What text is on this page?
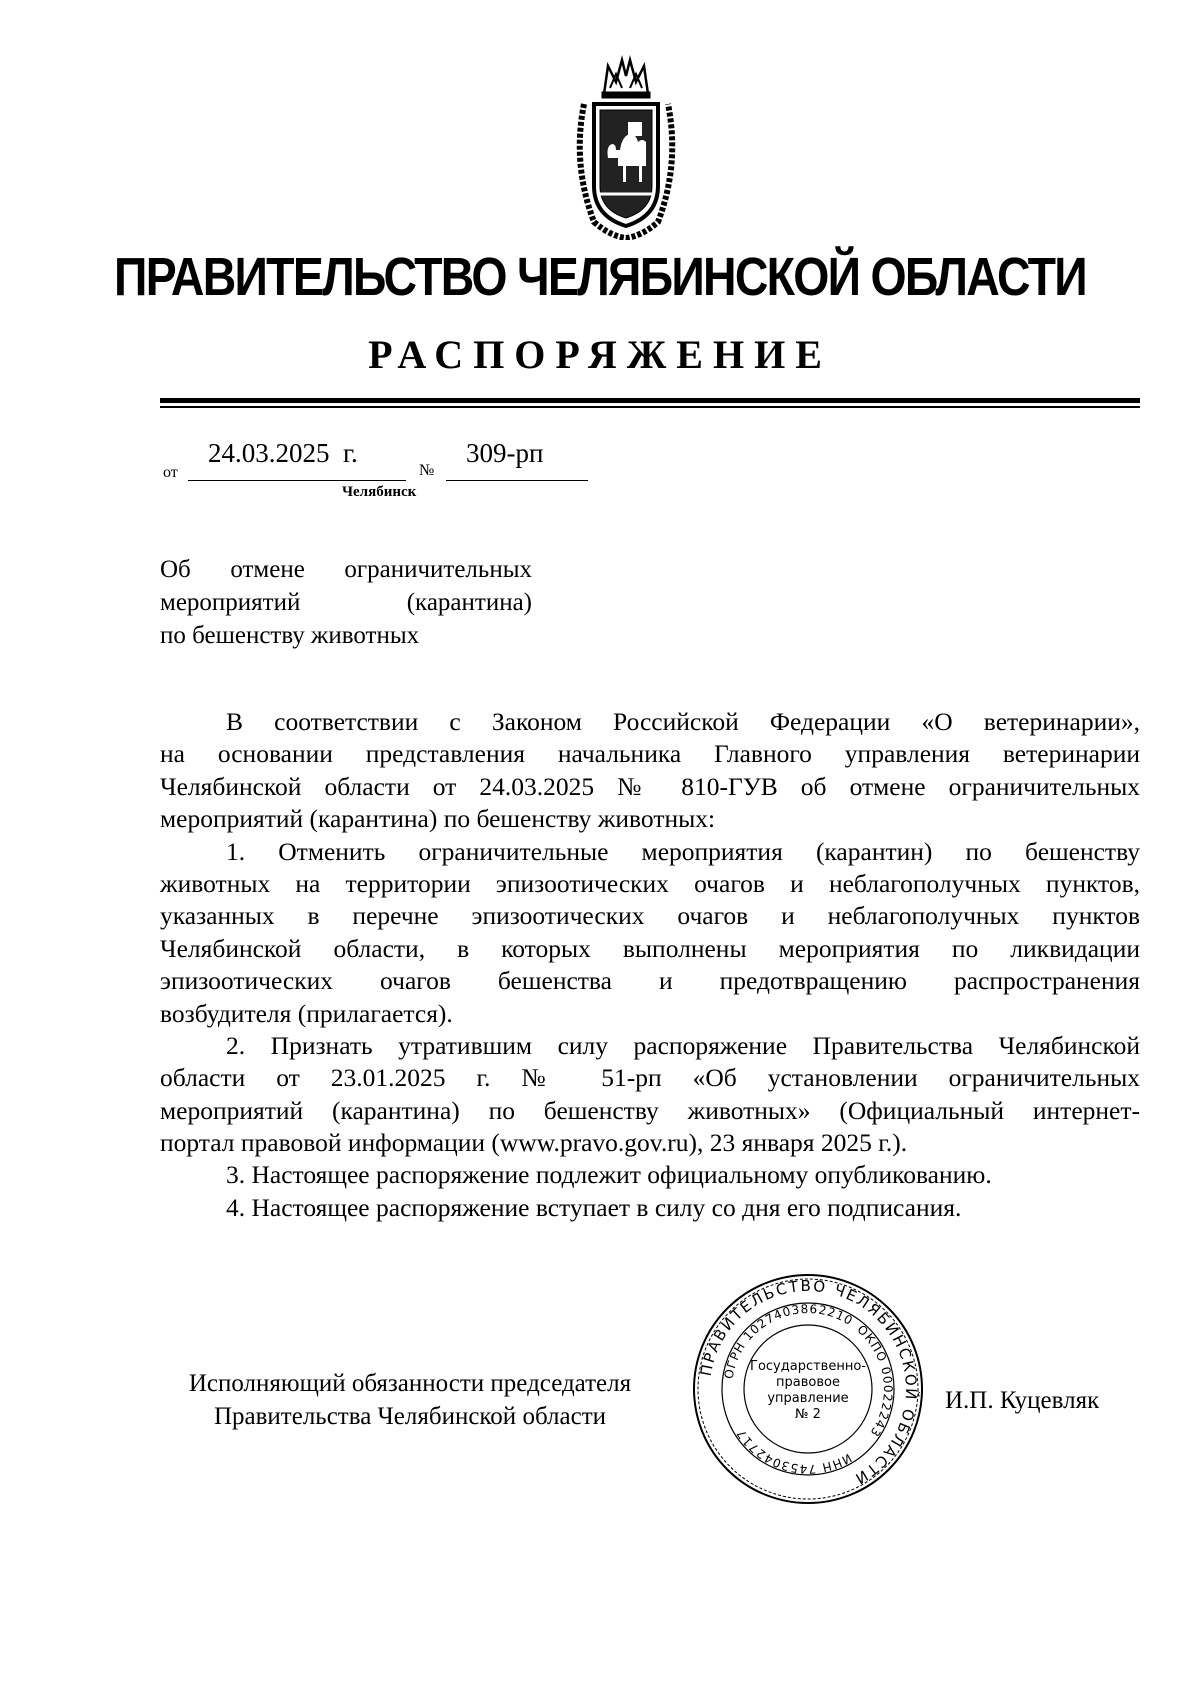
ПРАВИТЕЛЬСТВО ЧЕЛЯБИНСКОЙ ОБЛАСТИ
РАСПОРЯЖЕНИЕ
от
24.03.2025  г.
№
309-рп
Челябинск
Об отмене ограничительных
мероприятий (карантина)
по бешенству животных
В соответствии с Законом Российской Федерации «О ветеринарии»,
на основании представления начальника Главного управления ветеринарии
Челябинской области от 24.03.2025 № 810-ГУВ об отмене ограничительных
мероприятий (карантина) по бешенству животных:
1. Отменить ограничительные мероприятия (карантин) по бешенству
животных на территории эпизоотических очагов и неблагополучных пунктов,
указанных в перечне эпизоотических очагов и неблагополучных пунктов
Челябинской области, в которых выполнены мероприятия по ликвидации
эпизоотических очагов бешенства и предотвращению распространения
возбудителя (прилагается).
2. Признать утратившим силу распоряжение Правительства Челябинской
области от 23.01.2025 г. № 51-рп «Об установлении ограничительных
мероприятий (карантина) по бешенству животных» (Официальный интернет-
портал правовой информации (www.pravo.gov.ru), 23 января 2025 г.).
3. Настоящее распоряжение подлежит официальному опубликованию.
4. Настоящее распоряжение вступает в силу со дня его подписания.
Исполняющий обязанности председателя
Правительства Челябинской области
ПРАВИТЕЛЬСТВО ЧЕЛЯБИНСКОЙ ОБЛАСТИ
ОГРН 1027403862210
ОКПО 00022243
ИНН 7453042717
Государственно-
правовое
управление
№ 2
И.П. Куцевляк
